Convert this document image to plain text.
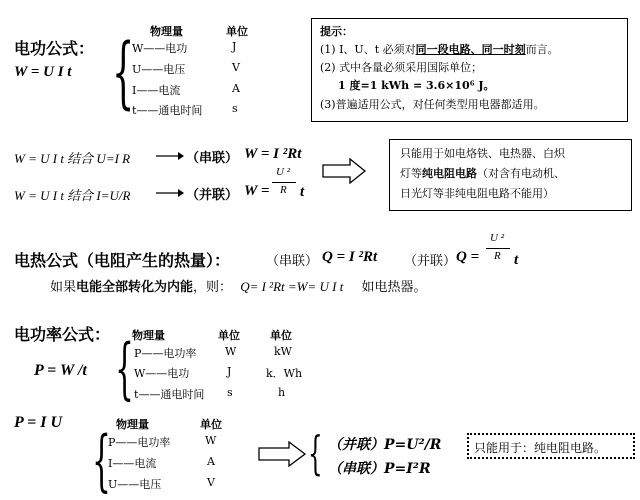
电功公式：
W = U I t
物理量	单位
{
W——电功	J
U——电压	V
I——电流	A
t——通电时间	s
提示：
(1) I、U、t 必须对同一段电路、同一时刻而言。
(2) 式中各量必须采用国际单位；
1 度=1 kWh = 3.6×10⁶ J。
(3)普遍适用公式，对任何类型用电器都适用。
W = U I t 结合 U=I R	（串联） W = I ²Rt
W = U I t 结合 I=U/R	（并联） W =
U ²
R t
只能用于如电烙铁、电热器、白炽
灯等纯电阻电路（对含有电动机、
日光灯等非纯电阻电路不能用）
电热公式（电阻产生的热量）：	（串联） Q = I ²Rt （并联） Q =
U ²
R t
如果电能全部转化为内能，则： Q= I ²Rt =W= U I t 如电热器。
电功率公式： 物理量	单位	单位
P = W /t { P——电功率	W	kW
W——电功	J	k．Wh
t——通电时间 s	h
P = I U	物理量	单位
{
P——电功率	W
I——电流	A
U——电压	V
{ （并联）P=U²/R
（串联）P=I²R
只能用于：纯电阻电路。
